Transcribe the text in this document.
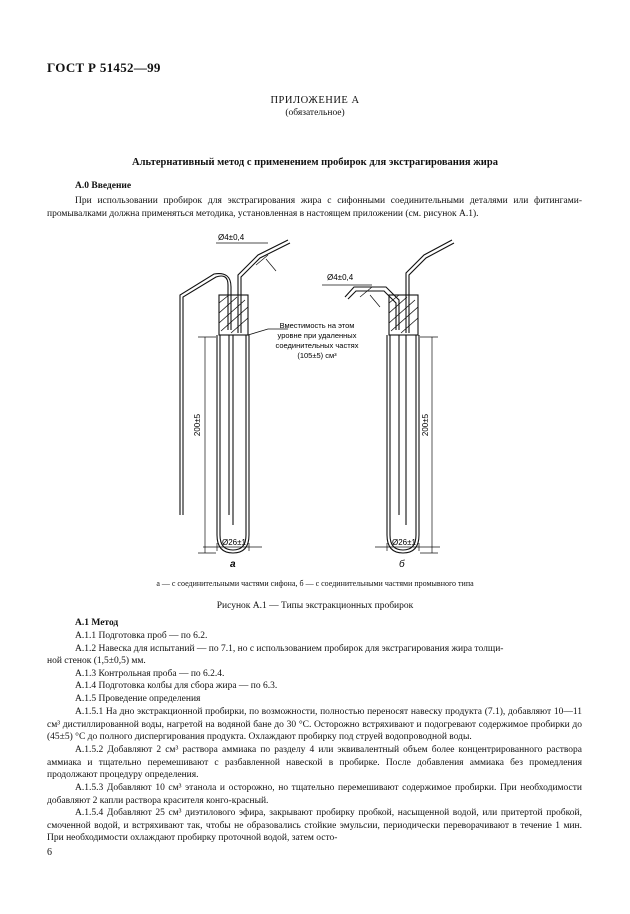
ГОСТ Р 51452—99
ПРИЛОЖЕНИЕ А
(обязательное)
Альтернативный метод с применением пробирок для экстрагирования жира
А.0 Введение
При использовании пробирок для экстрагирования жира с сифонными соединительными деталями или фитингами-промывалками должна применяться методика, установленная в настоящем приложении (см. рисунок А.1).
Ø4±0,4
200±5
Ø26±1
а
Ø4±0,4
200±5
Ø26±1
б
Вместимость на этом
уровне при удаленных
соединительных частях
(105±5) см³
а — с соединительными частями сифона, б — с соединительными частями промывного типа
Рисунок А.1 — Типы экстракционных пробирок
А.1 Метод
А.1.1 Подготовка проб — по 6.2.
А.1.2 Навеска для испытаний — по 7.1, но с использованием пробирок для экстрагирования жира толщи-
ной стенок (1,5±0,5) мм.
А.1.3 Контрольная проба — по 6.2.4.
А.1.4 Подготовка колбы для сбора жира — по 6.3.
А.1.5 Проведение определения
А.1.5.1 На дно экстракционной пробирки, по возможности, полностью переносят навеску продукта (7.1), добавляют 10—11 см³ дистиллированной воды, нагретой на водяной бане до 30 °С. Осторожно встряхивают и подогревают содержимое пробирки до (45±5) °С до полного диспергирования продукта. Охлаждают пробирку под струей водопроводной воды.
А.1.5.2 Добавляют 2 см³ раствора аммиака по разделу 4 или эквивалентный объем более концентрированного раствора аммиака и тщательно перемешивают с разбавленной навеской в пробирке. После добавления аммиака без промедления продолжают процедуру определения.
А.1.5.3 Добавляют 10 см³ этанола и осторожно, но тщательно перемешивают содержимое пробирки. При необходимости добавляют 2 капли раствора красителя конго-красный.
А.1.5.4 Добавляют 25 см³ диэтилового эфира, закрывают пробирку пробкой, насыщенной водой, или притертой пробкой, смоченной водой, и встряхивают так, чтобы не образовались стойкие эмульсии, периодически переворачивают в течение 1 мин. При необходимости охлаждают пробирку проточной водой, затем осто-
6
